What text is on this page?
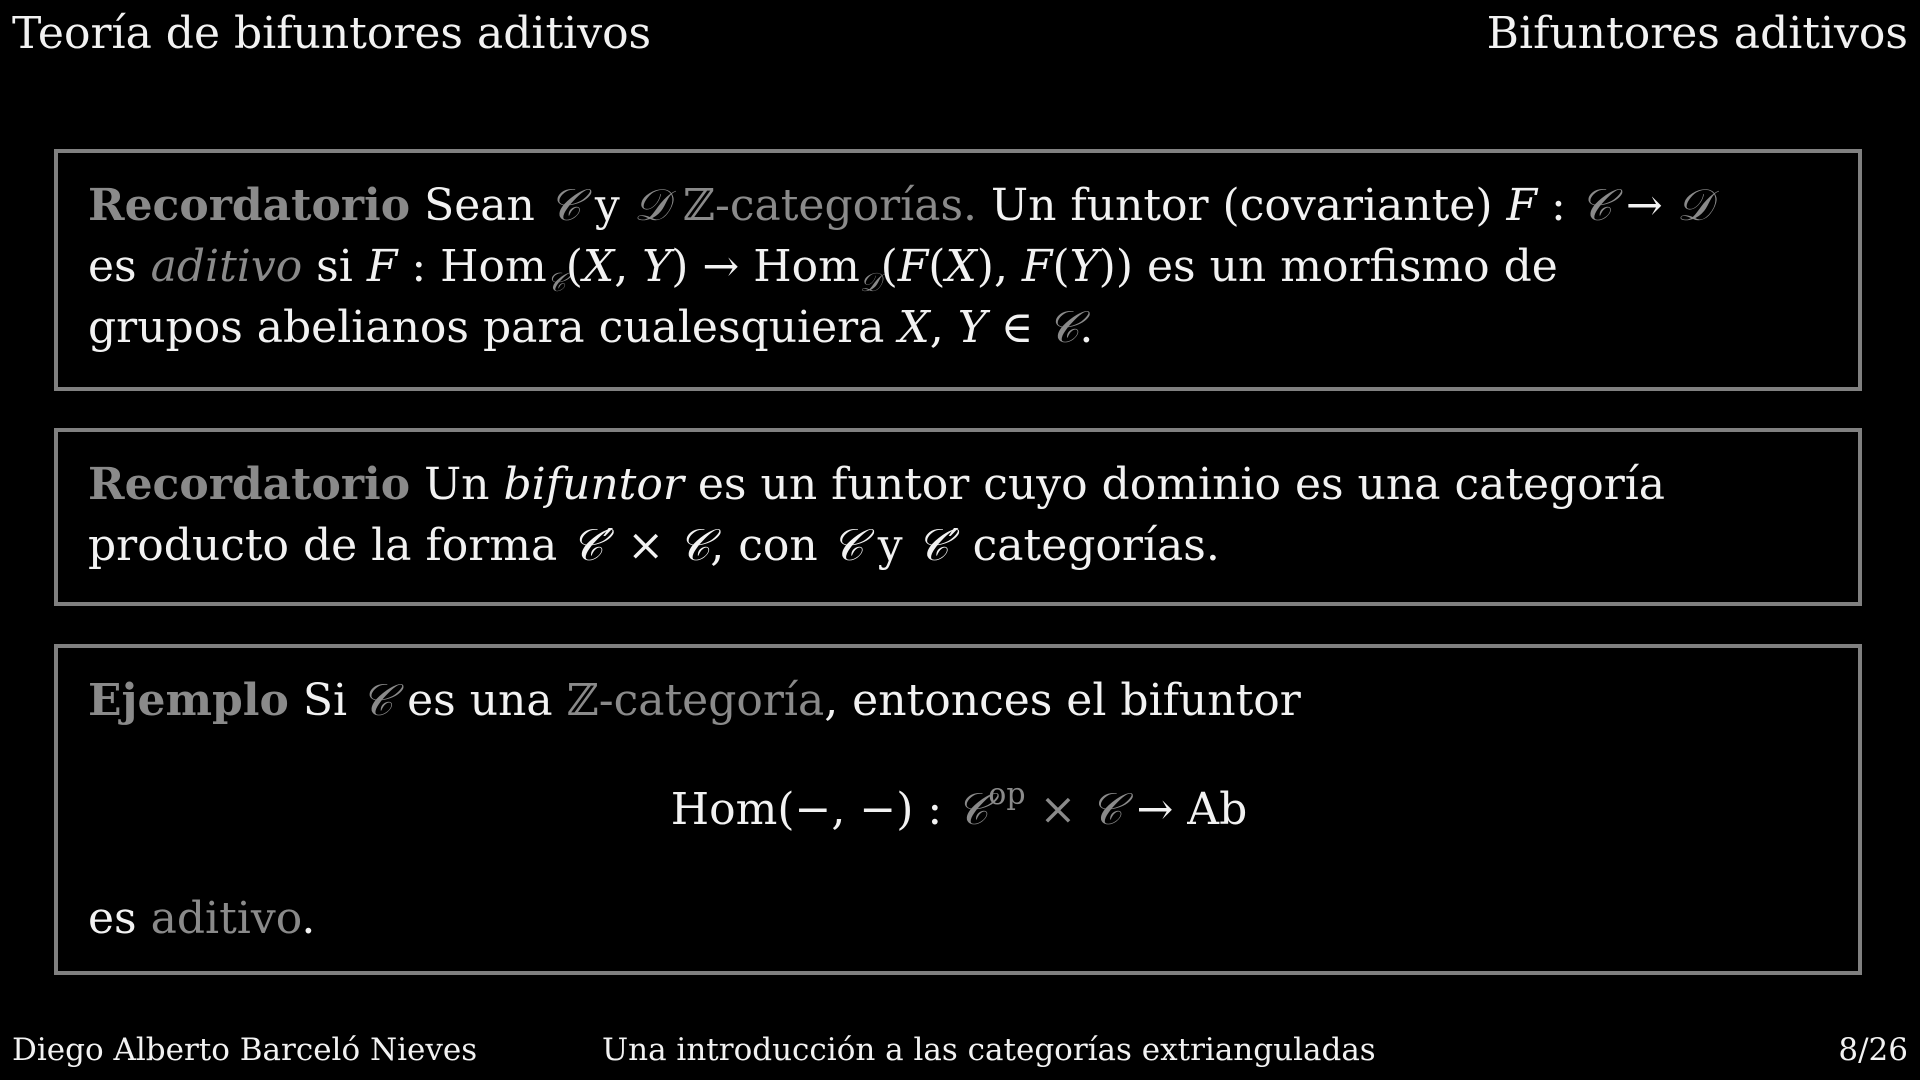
Teoría de bifuntores aditivos	Bifuntores aditivos
Recordatorio Sean 𝒞 y 𝒟 ℤ-categorías. Un funtor (covariante) F : 𝒞 → 𝒟
es aditivo si F : Hom$_𝒞$(X, Y) → Hom$_𝒟$(F(X), F(Y)) es un morfismo de
grupos abelianos para cualesquiera X, Y ∈ 𝒞.
Recordatorio Un bifuntor es un funtor cuyo dominio es una categoría
producto de la forma 𝒞′ × 𝒞, con 𝒞 y 𝒞′ categorías.
Ejemplo Si 𝒞 es una ℤ-categoría, entonces el bifuntor
Hom(−, −) : 𝒞$^{op}$ × 𝒞 → Ab
es aditivo.
Diego Alberto Barceló Nieves	Una introducción a las categorías extrianguladas	8/26
